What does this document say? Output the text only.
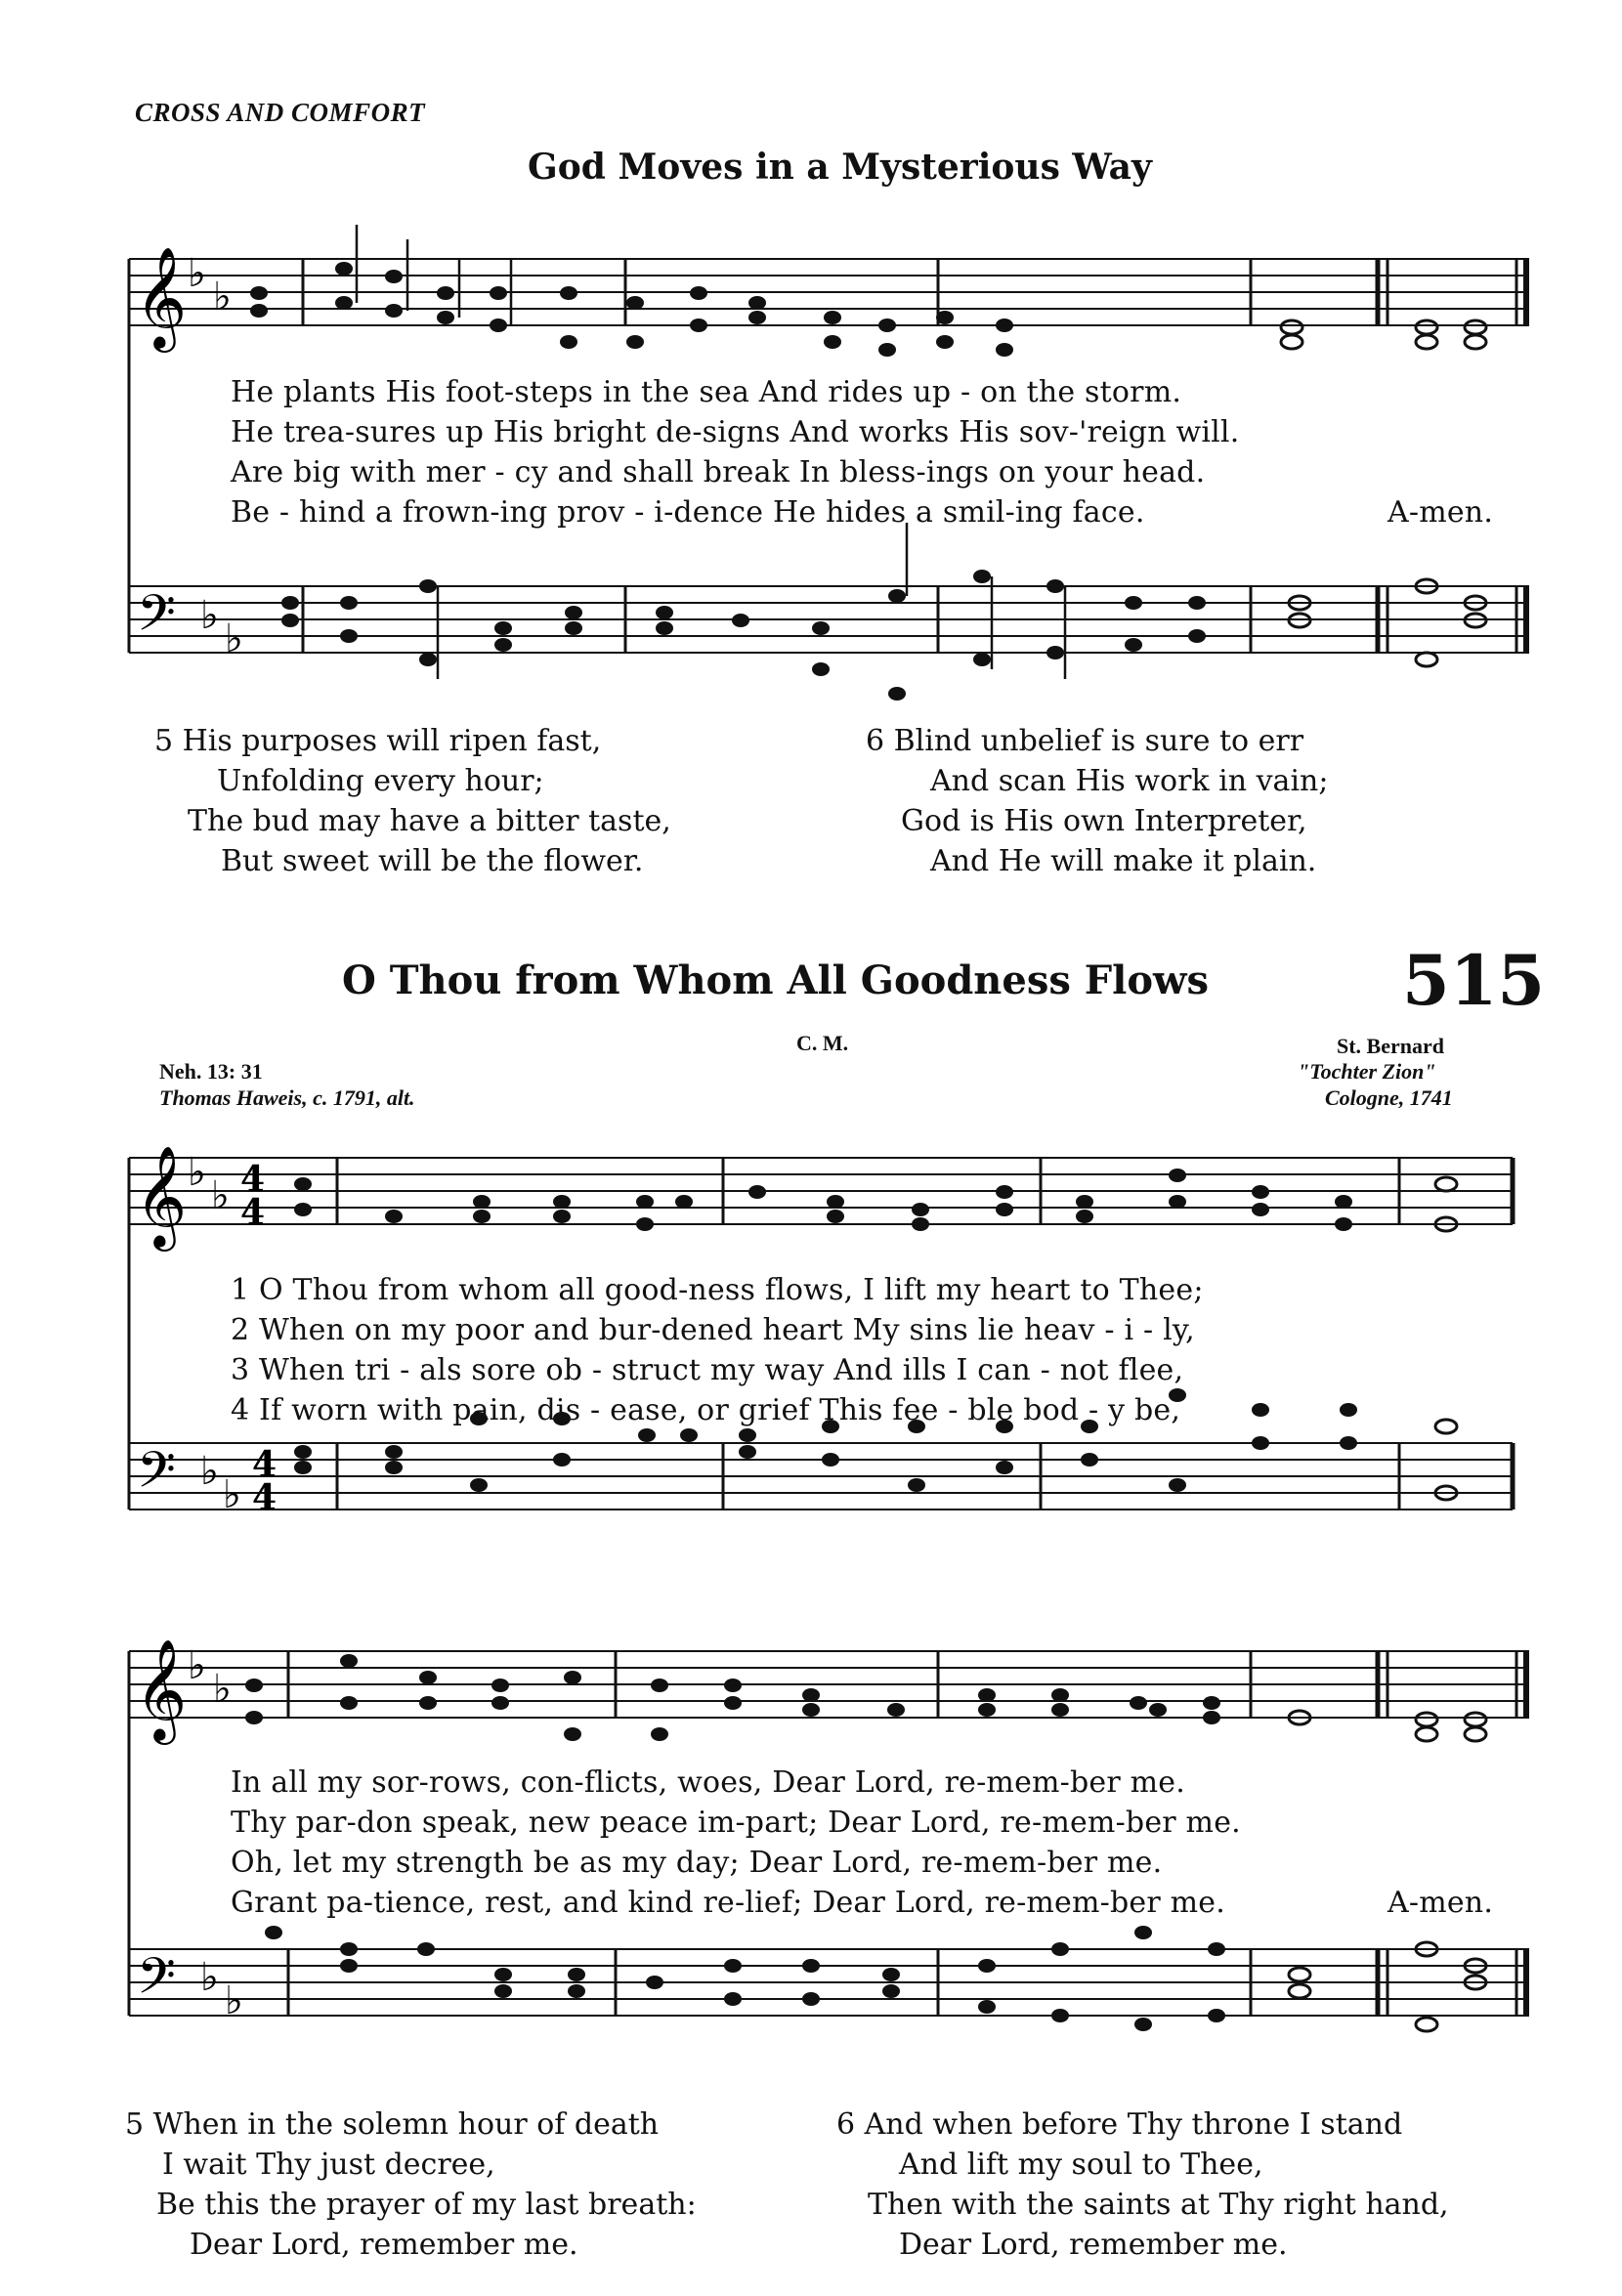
CROSS AND COMFORT
God Moves in a Mysterious Way
𝄞
𝄢
♭
♭
♭
♭
He plants His foot-steps in the sea And rides up - on the storm.
He trea-sures up His bright de-signs And works His sov-'reign will.
Are big with mer - cy and shall break In bless-ings on your head.
Be - hind a frown-ing prov - i-dence He hides a smil-ing face.	A-men.
5 His purposes will ripen fast,
Unfolding every hour;
The bud may have a bitter taste,
But sweet will be the flower.
6 Blind unbelief is sure to err
And scan His work in vain;
God is His own Interpreter,
And He will make it plain.
O Thou from Whom All Goodness Flows	515
C. M.	St. Bernard
Neh. 13: 31	"Tochter Zion"
Thomas Haweis, c. 1791, alt.	Cologne, 1741
𝄞
𝄢
♭
♭
♭
♭
4
4
4
4
1 O Thou from whom all good-ness flows, I lift my heart to Thee;
2 When on my poor and bur-dened heart My sins lie heav - i - ly,
3 When tri - als sore ob - struct my way And ills I can - not flee,
4 If worn with pain, dis - ease, or grief This fee - ble bod - y be,
𝄞
𝄢
♭
♭
♭
♭
In all my sor-rows, con-flicts, woes, Dear Lord, re-mem-ber me.
Thy par-don speak, new peace im-part; Dear Lord, re-mem-ber me.
Oh, let my strength be as my day; Dear Lord, re-mem-ber me.
Grant pa-tience, rest, and kind re-lief; Dear Lord, re-mem-ber me.	A-men.
5 When in the solemn hour of death
I wait Thy just decree,
Be this the prayer of my last breath:
Dear Lord, remember me.
6 And when before Thy throne I stand
And lift my soul to Thee,
Then with the saints at Thy right hand,
Dear Lord, remember me.
